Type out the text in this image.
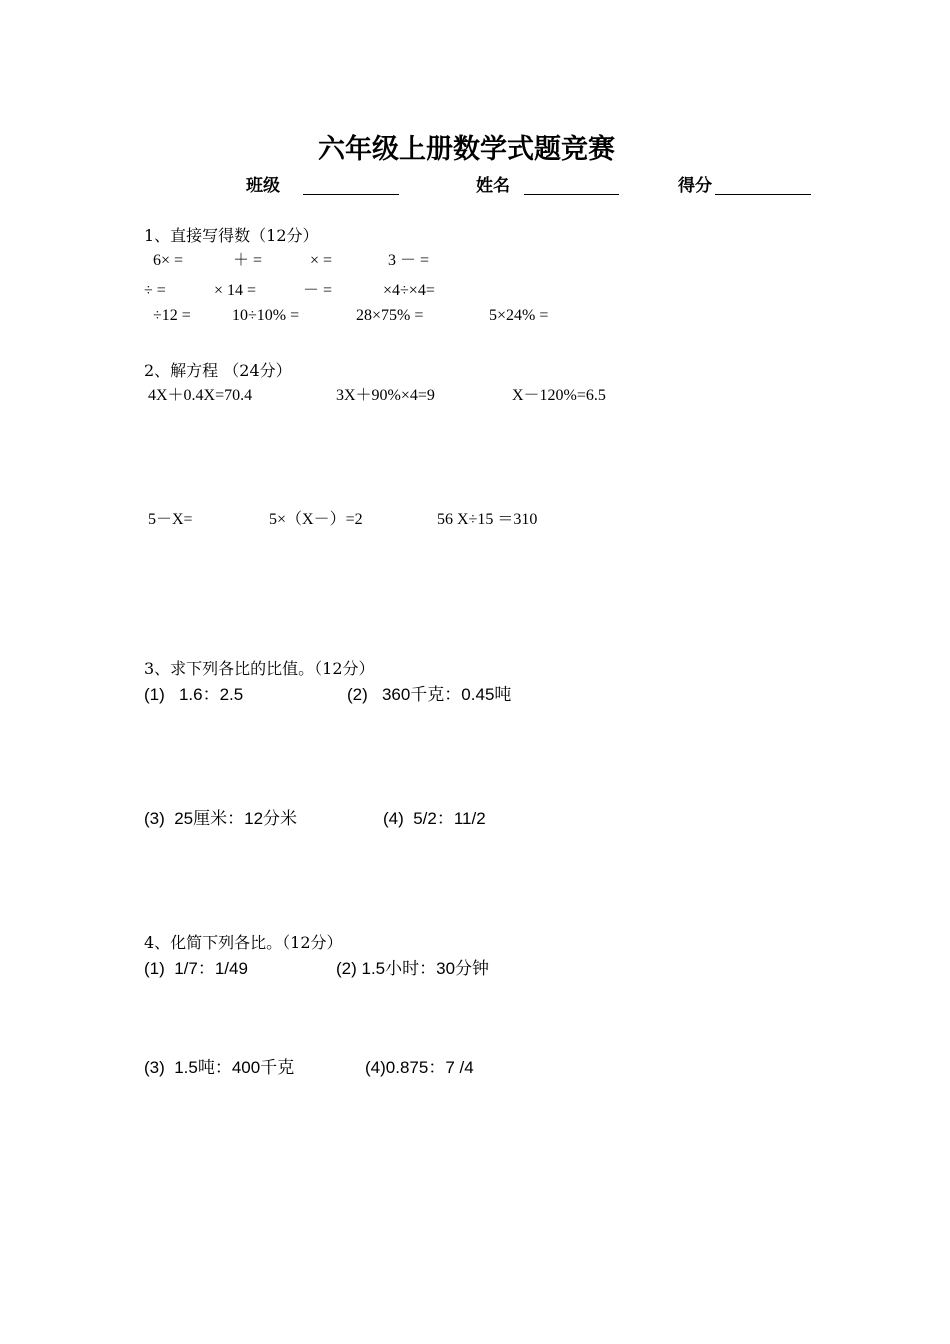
六年级上册数学式题竞赛
班级	姓名	得分
1、直接写得数（12分）
6× =	＋ =	× =	3 － =
÷ =	× 14 =	－ =	×4÷×4=
÷12 =	10÷10% =	28×75% =	5×24% =
2、解方程 （24分）
4X＋0.4X=70.4	3X＋90%×4=9	X－120%=6.5
5－X=	5×（X－）=2	56 X÷15 ＝310
3、求下列各比的比值。（12分）
(1)   1.6：2.5	(2)   360千克：0.45吨
(3)  25厘米：12分米	(4)  5/2：11/2
4、化简下列各比。（12分）
(1)  1/7：1/49	(2) 1.5小时：30分钟
(3)  1.5吨：400千克	(4)0.875：7 /4
